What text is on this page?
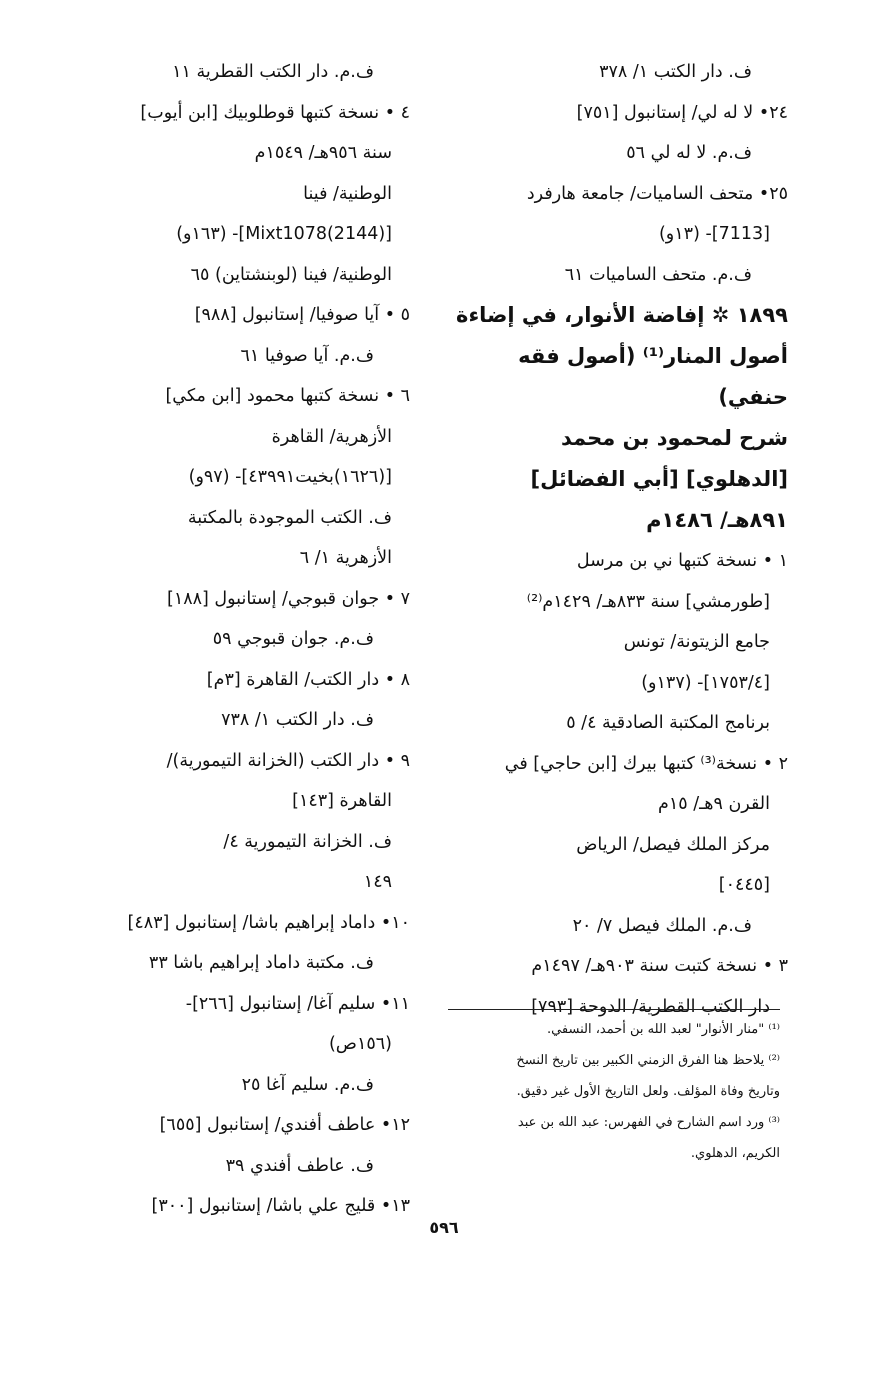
ف. دار الكتب ١/ ٣٧٨

٢٤• لا له لي/ إستانبول [٧٥١]

ف.م. لا له لي ٥٦

٢٥• متحف الساميات/ جامعة هارفرد

[7113]- (١٣و)

ف.م. متحف الساميات ٦١

١٨٩٩ ✲ إفاضة الأنوار، في إضاءة

أصول المنار⁽¹⁾ (أصول فقه

حنفي)

شرح لمحمود بن محمد

[الدهلوي] [أبي الفضائل]

٨٩١هـ/ ١٤٨٦م

١ • نسخة كتبها ني بن مرسل

[طورمشي] سنة ٨٣٣هـ/ ١٤٢٩م⁽²⁾

جامع الزيتونة/ تونس

[١٧٥٣/٤]- (١٣٧و)

برنامج المكتبة الصادقية ٤/ ٥

٢ • نسخة⁽³⁾ كتبها بيرك [ابن حاجي] في

القرن ٩هـ/ ١٥م

مركز الملك فيصل/ الرياض

[٠٤٤٥]

ف.م. الملك فيصل ٧/ ٢٠

٣ • نسخة كتبت سنة ٩٠٣هـ/ ١٤٩٧م

دار الكتب القطرية/ الدوحة [٧٩٣]

ف.م. دار الكتب القطرية ١١

٤ • نسخة كتبها قوطلوبيك [ابن أيوب]

سنة ٩٥٦هـ/ ١٥٤٩م

الوطنية/ فينا

[Mixt1078(2144)]- (١٦٣و)

الوطنية/ فينا (لوبنشتاين) ٦٥

٥ • آيا صوفيا/ إستانبول [٩٨٨]

ف.م. آيا صوفيا ٦١

٦ • نسخة كتبها محمود [ابن مكي]

الأزهرية/ القاهرة

[(١٦٢٦)بخيت٤٣٩٩١]- (٩٧و)

ف. الكتب الموجودة بالمكتبة

الأزهرية ١/ ٦

٧ • جوان قبوجي/ إستانبول [١٨٨]

ف.م. جوان قبوجي ٥٩

٨ • دار الكتب/ القاهرة [٣م]

ف. دار الكتب ١/ ٧٣٨

٩ • دار الكتب (الخزانة التيمورية)/

القاهرة [١٤٣]

ف. الخزانة التيمورية ٤/

١٤٩

١٠• داماد إبراهيم باشا/ إستانبول [٤٨٣]

ف. مكتبة داماد إبراهيم باشا ٣٣

١١• سليم آغا/ إستانبول [٢٦٦]-

(١٥٦ص)

ف.م. سليم آغا ٢٥

١٢• عاطف أفندي/ إستانبول [٦٥٥]

ف. عاطف أفندي ٣٩

١٣• قليج علي باشا/ إستانبول [٣٠٠]

⁽¹⁾ "منار الأنوار" لعبد الله بن أحمد، النسفي.

⁽²⁾ يلاحظ هنا الفرق الزمني الكبير بين تاريخ النسخ

وتاريخ وفاة المؤلف. ولعل التاريخ الأول غير دقيق.

⁽³⁾ ورد اسم الشارح في الفهرس: عبد الله بن عبد

الكريم، الدهلوي.

٥٩٦
